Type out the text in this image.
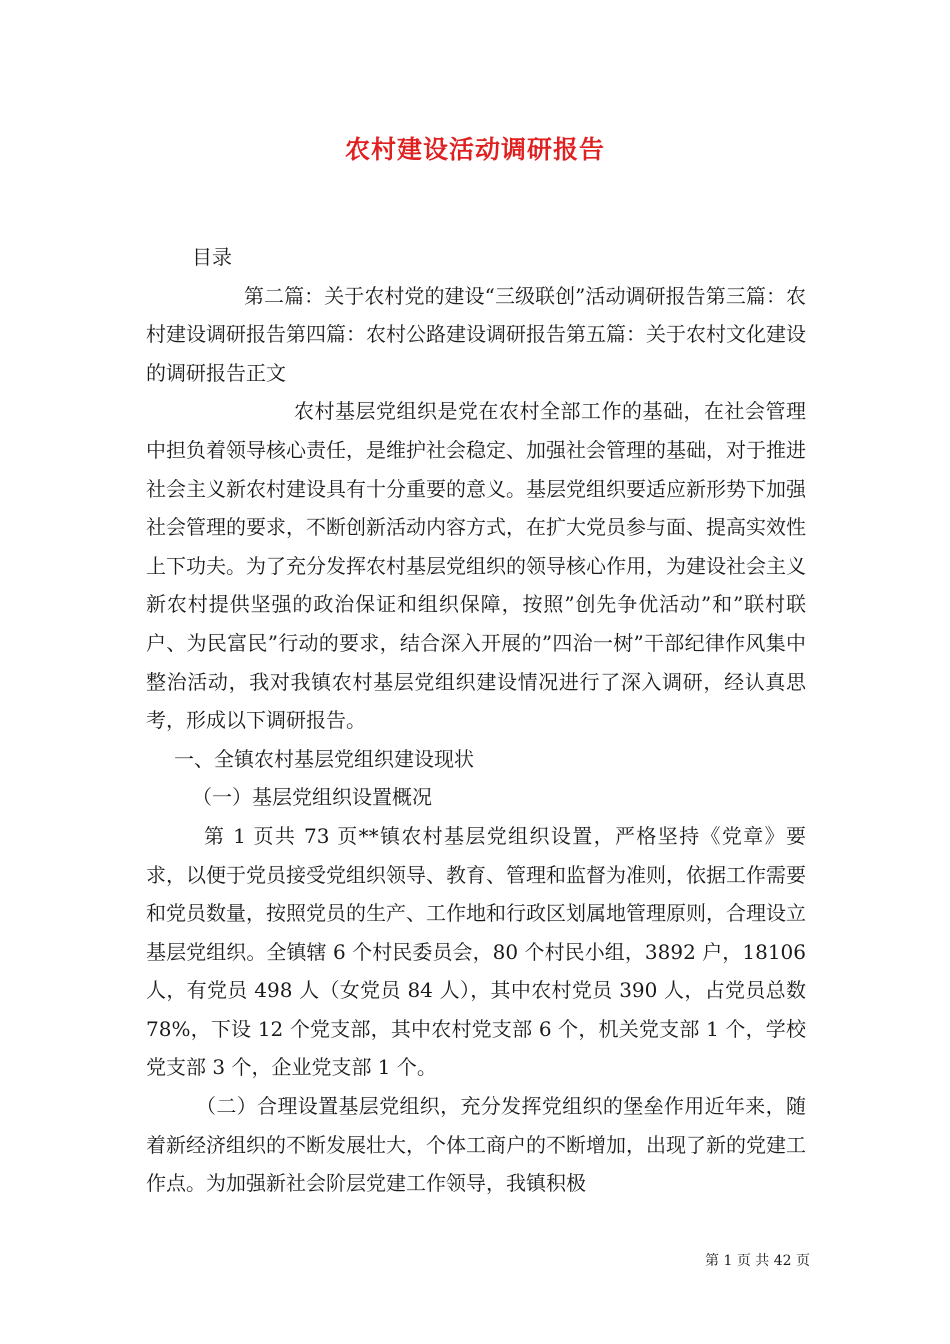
农村建设活动调研报告

目录

第二篇：关于农村党的建设“三级联创”活动调研报告第三篇：农村建设调研报告第四篇：农村公路建设调研报告第五篇：关于农村文化建设的调研报告正文

农村基层党组织是党在农村全部工作的基础，在社会管理中担负着领导核心责任，是维护社会稳定、加强社会管理的基础，对于推进社会主义新农村建设具有十分重要的意义。基层党组织要适应新形势下加强社会管理的要求，不断创新活动内容方式，在扩大党员参与面、提高实效性上下功夫。为了充分发挥农村基层党组织的领导核心作用，为建设社会主义新农村提供坚强的政治保证和组织保障，按照”创先争优活动”和”联村联户、为民富民”行动的要求，结合深入开展的”四治一树”干部纪律作风集中整治活动，我对我镇农村基层党组织建设情况进行了深入调研，经认真思考，形成以下调研报告。

一、全镇农村基层党组织建设现状

（一）基层党组织设置概况

第 1 页共 73 页**镇农村基层党组织设置，严格坚持《党章》要求，以便于党员接受党组织领导、教育、管理和监督为准则，依据工作需要和党员数量，按照党员的生产、工作地和行政区划属地管理原则，合理设立基层党组织。全镇辖 6 个村民委员会，80 个村民小组，3892 户，18106 人，有党员 498 人（女党员 84 人），其中农村党员 390 人，占党员总数 78%，下设 12 个党支部，其中农村党支部 6 个，机关党支部 1 个，学校党支部 3 个，企业党支部 1 个。

（二）合理设置基层党组织，充分发挥党组织的堡垒作用近年来，随着新经济组织的不断发展壮大，个体工商户的不断增加，出现了新的党建工作点。为加强新社会阶层党建工作领导，我镇积极

第 1 页 共 42 页
